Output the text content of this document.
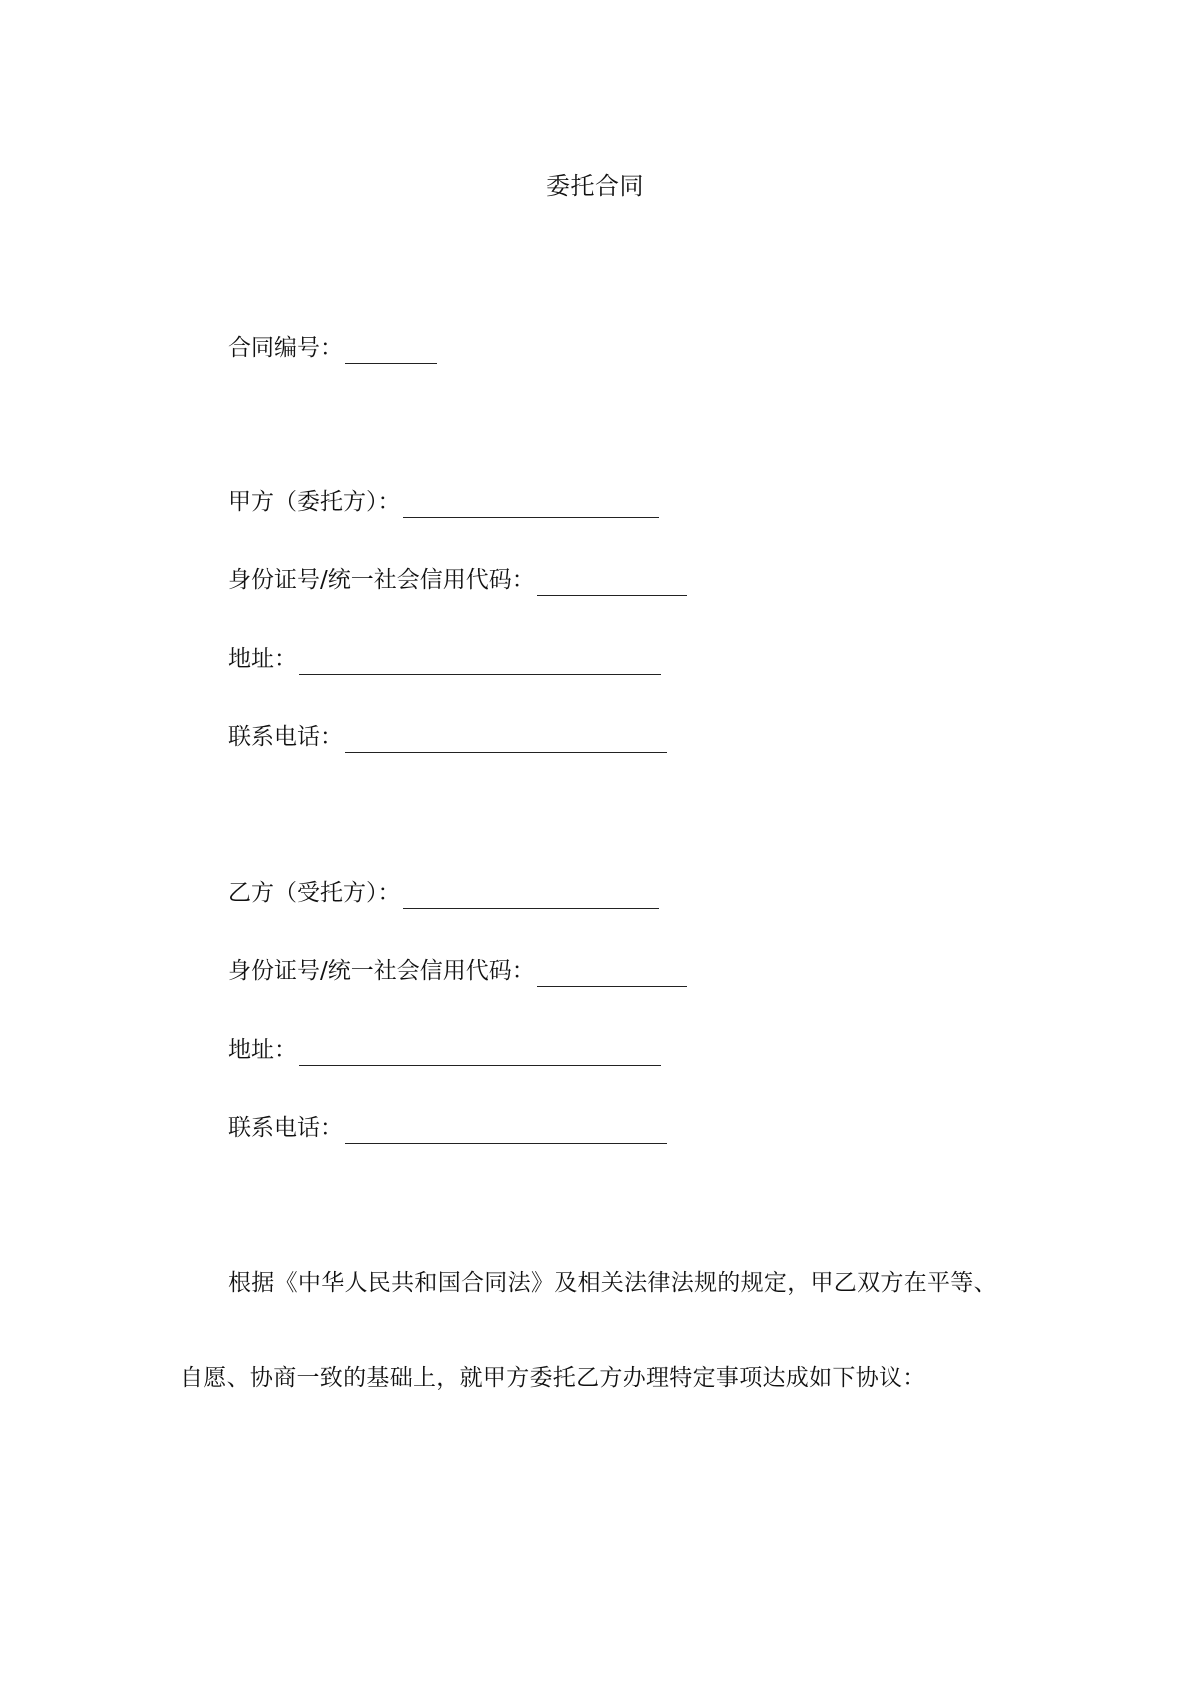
委托合同
合同编号：
甲方（委托方）：
身份证号/统一社会信用代码：
地址：
联系电话：
乙方（受托方）：
身份证号/统一社会信用代码：
地址：
联系电话：
根据《中华人民共和国合同法》及相关法律法规的规定，甲乙双方在平等、
自愿、协商一致的基础上，就甲方委托乙方办理特定事项达成如下协议：
